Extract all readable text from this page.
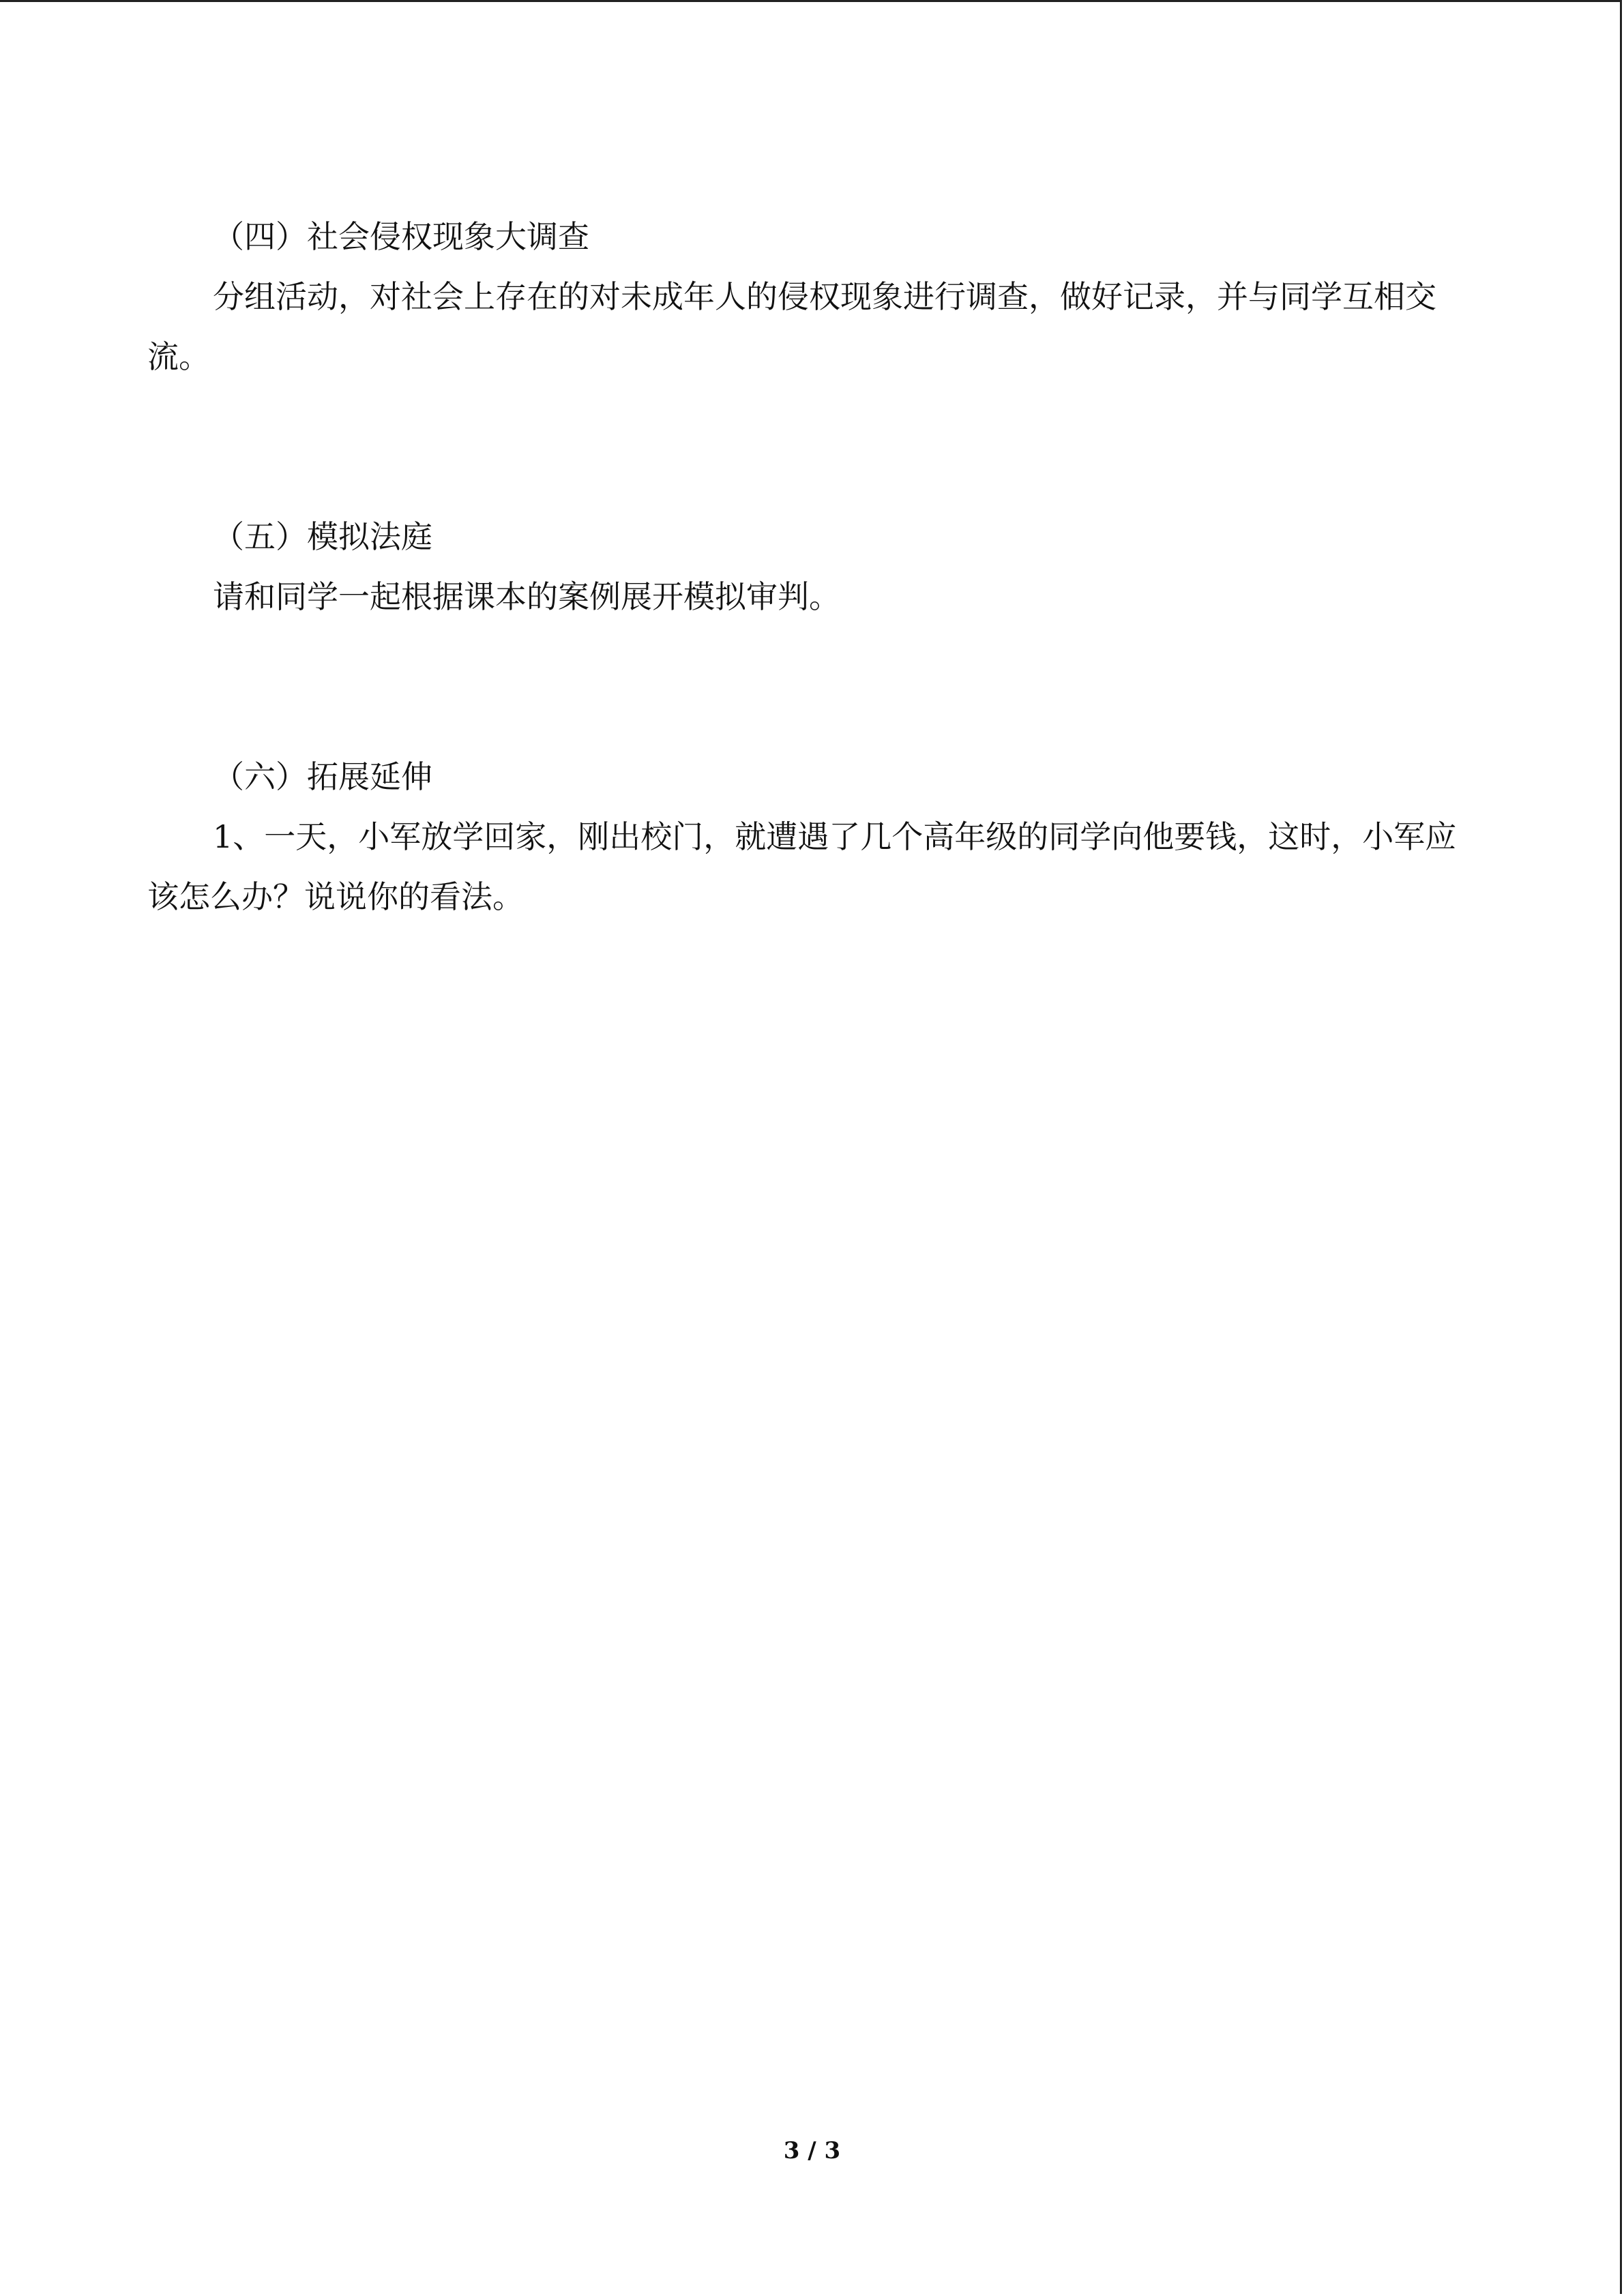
（四）社会侵权现象大调查

分组活动，对社会上存在的对未成年人的侵权现象进行调查，做好记录，并与同学互相交流。

（五）模拟法庭

请和同学一起根据课本的案例展开模拟审判。

（六）拓展延伸

1、一天，小军放学回家，刚出校门，就遭遇了几个高年级的同学向他要钱，这时，小军应该怎么办？说说你的看法。

3 / 3
